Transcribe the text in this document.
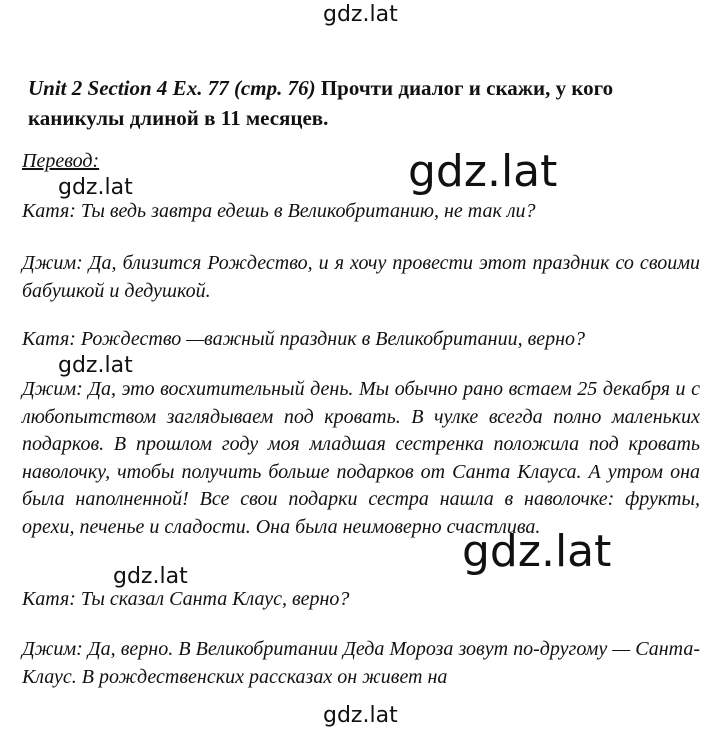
gdz.lat
Unit 2 Section 4 Ex. 77 (стр. 76) Прочти диалог и скажи, у кого каникулы длиной в 11 месяцев.
Перевод:
gdz.lat	gdz.lat
Катя: Ты ведь завтра едешь в Великобританию, не так ли?
Джим: Да, близится Рождество, и я хочу провести этот праздник со своими бабушкой и дедушкой.
Катя: Рождество —важный праздник в Великобритании, верно?
gdz.lat
Джим: Да, это восхитительный день. Мы обычно рано встаем 25 декабря и с любопытством заглядываем под кровать. В чулке всегда полно маленьких подарков. В прошлом году моя младшая сестренка положила под кровать наволочку, чтобы получить больше подарков от Санта Клауса. А утром она была наполненной! Все свои подарки сестра нашла в наволочке: фрукты, орехи, печенье и сладости. Она была неимоверно счастлива.
gdz.lat
gdz.lat
Катя: Ты сказал Санта Клаус, верно?
Джим: Да, верно. В Великобритании Деда Мороза зовут по-другому — Санта-Клаус. В рождественских рассказах он живет на
gdz.lat
